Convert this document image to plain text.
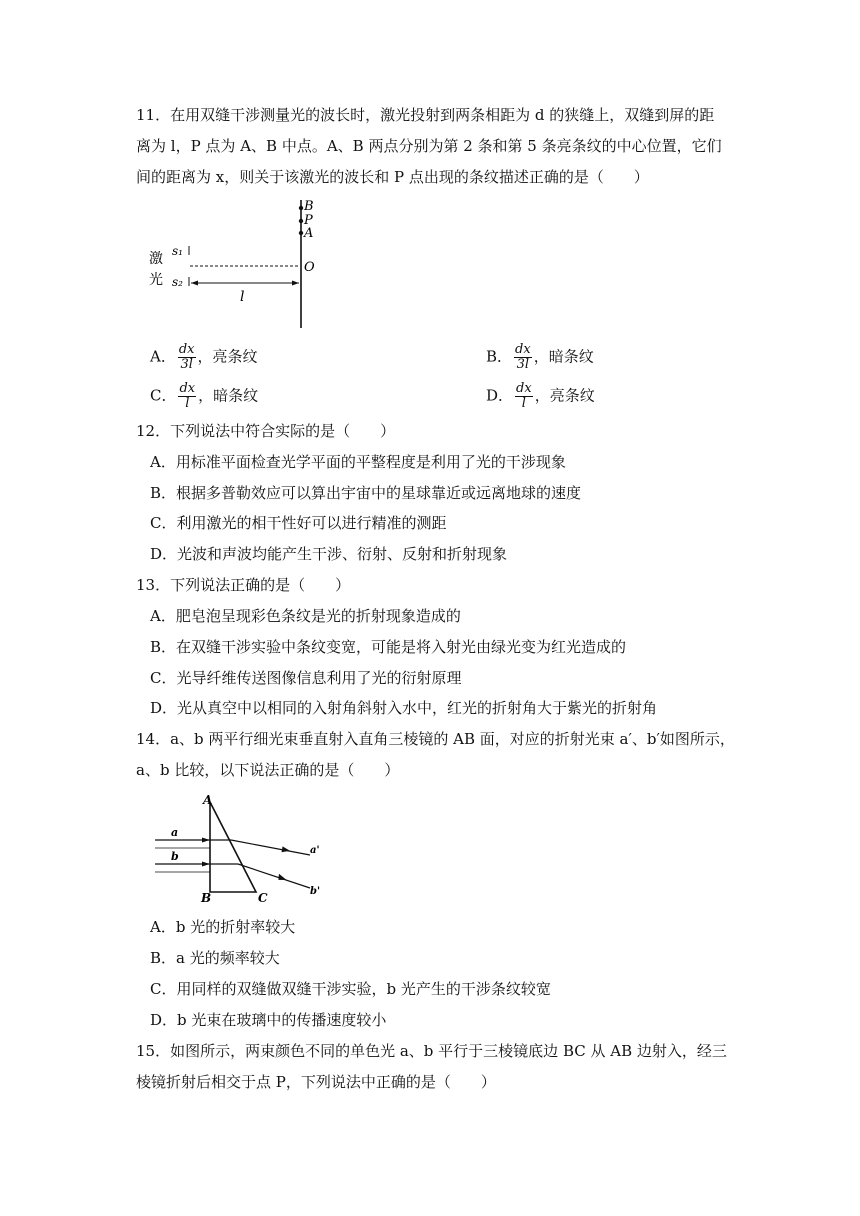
11．在用双缝干涉测量光的波长时，激光投射到两条相距为 d 的狭缝上，双缝到屏的距
离为 l，P 点为 A、B 中点。A、B 两点分别为第 2 条和第 5 条亮条纹的中心位置，它们
间的距离为 x，则关于该激光的波长和 P 点出现的条纹描述正确的是（　　）
B
P
A
O
激
光
s₁
s₂
l
A． $\frac{dx}{3l}$ ，亮条纹	B． $\frac{dx}{3l}$ ，暗条纹
C． $\frac{dx}{l}$ ，暗条纹	D． $\frac{dx}{l}$ ，亮条纹
12．下列说法中符合实际的是（　　）
A．用标准平面检查光学平面的平整程度是利用了光的干涉现象
B．根据多普勒效应可以算出宇宙中的星球靠近或远离地球的速度
C．利用激光的相干性好可以进行精准的测距
D．光波和声波均能产生干涉、衍射、反射和折射现象
13．下列说法正确的是（　　）
A．肥皂泡呈现彩色条纹是光的折射现象造成的
B．在双缝干涉实验中条纹变宽，可能是将入射光由绿光变为红光造成的
C．光导纤维传送图像信息利用了光的衍射原理
D．光从真空中以相同的入射角斜射入水中，红光的折射角大于紫光的折射角
14．a、b 两平行细光束垂直射入直角三棱镜的 AB 面，对应的折射光束 a′、b′如图所示，
a、b 比较，以下说法正确的是（　　）
A
B	C
a
b	a'
b'
A．b 光的折射率较大
B．a 光的频率较大
C．用同样的双缝做双缝干涉实验，b 光产生的干涉条纹较宽
D．b 光束在玻璃中的传播速度较小
15．如图所示，两束颜色不同的单色光 a、b 平行于三棱镜底边 BC 从 AB 边射入，经三
棱镜折射后相交于点 P，下列说法中正确的是（　　）
